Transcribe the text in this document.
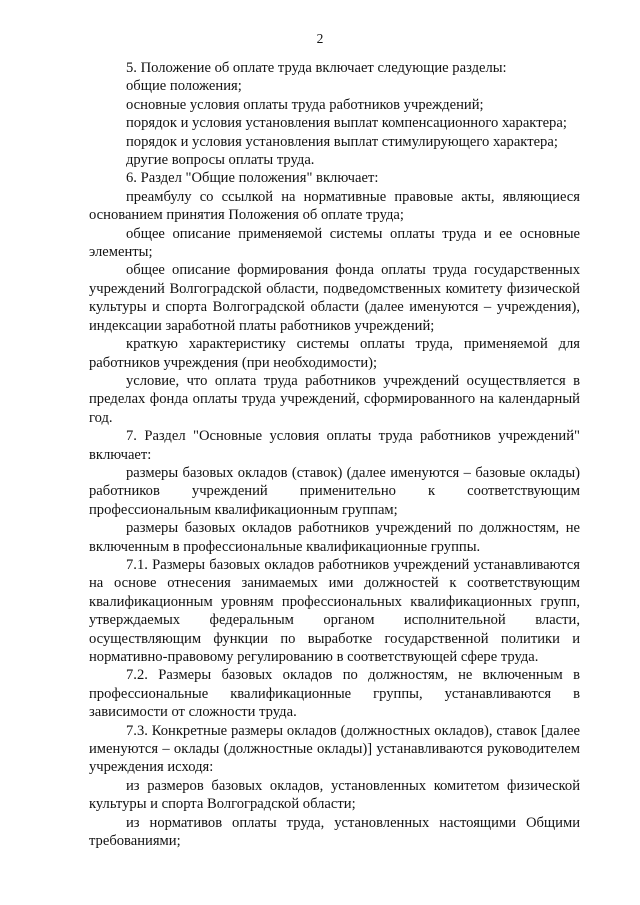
2

5. Положение об оплате труда включает следующие разделы:

общие положения;

основные условия оплаты труда работников учреждений;

порядок и условия установления выплат компенсационного характера;

порядок и условия установления выплат стимулирующего характера;

другие вопросы оплаты труда.

6. Раздел "Общие положения" включает:

преамбулу со ссылкой на нормативные правовые акты, являющиеся основанием принятия Положения об оплате труда;

общее описание применяемой системы оплаты труда и ее основные элементы;

общее описание формирования фонда оплаты труда государственных учреждений Волгоградской области, подведомственных комитету физической культуры и спорта Волгоградской области (далее именуются – учреждения), индексации заработной платы работников учреждений;

краткую характеристику системы оплаты труда, применяемой для работников учреждения (при необходимости);

условие, что оплата труда работников учреждений осуществляется в пределах фонда оплаты труда учреждений, сформированного на календарный год.

7. Раздел "Основные условия оплаты труда работников учреждений" включает:

размеры базовых окладов (ставок) (далее именуются – базовые оклады) работников учреждений применительно к соответствующим профессиональным квалификационным группам;

размеры базовых окладов работников учреждений по должностям, не включенным в профессиональные квалификационные группы.

7.1. Размеры базовых окладов работников учреждений устанавливаются на основе отнесения занимаемых ими должностей к соответствующим квалификационным уровням профессиональных квалификационных групп, утверждаемых федеральным органом исполнительной власти, осуществляющим функции по выработке государственной политики и нормативно-правовому регулированию в соответствующей сфере труда.

7.2. Размеры базовых окладов по должностям, не включенным в профессиональные квалификационные группы, устанавливаются в зависимости от сложности труда.

7.3. Конкретные размеры окладов (должностных окладов), ставок [далее именуются – оклады (должностные оклады)] устанавливаются руководителем учреждения исходя:

из размеров базовых окладов, установленных комитетом физической культуры и спорта Волгоградской области;

из нормативов оплаты труда, установленных настоящими Общими требованиями;
